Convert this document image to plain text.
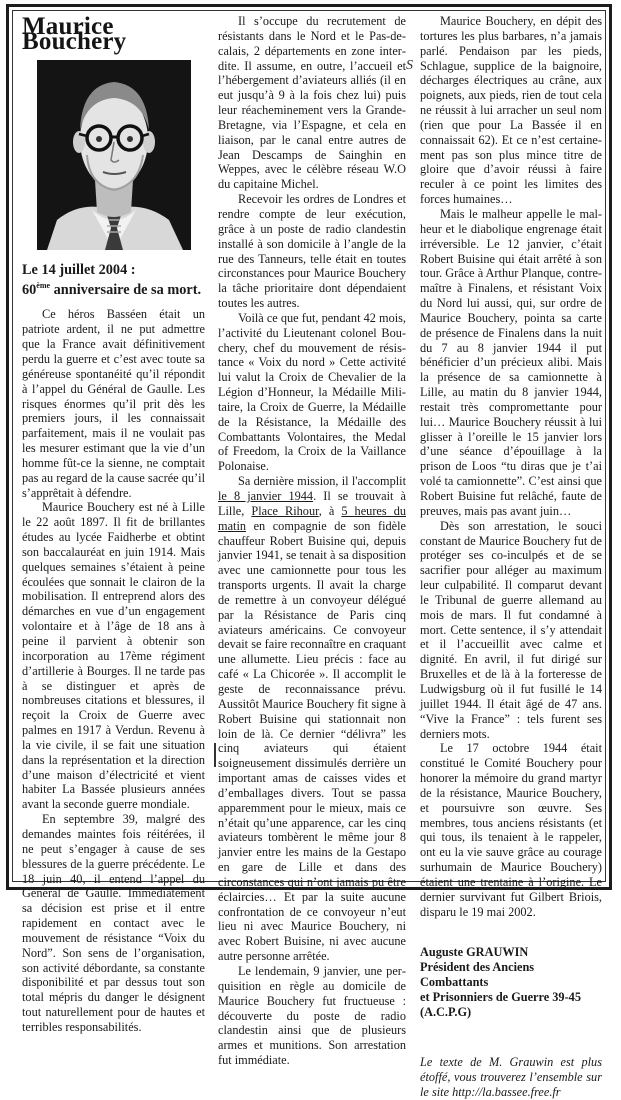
Maurice Bouchery
Le 14 juillet 2004 :
60ème anniversaire de sa mort.

Ce héros Basséen était un patriote ardent, il ne put admettre que la France avait définitivement perdu la guerre et c’est avec toute sa généreuse spontanéité qu’il répondit à l’appel du Général de Gaulle. Les risques énormes qu’il prit dès les premiers jours, il les connaissait parfaitement, mais il ne voulait pas les mesurer estimant que la vie d’un homme fût-ce la sienne, ne comptait pas au regard de la cause sacrée qu’il s’apprêtait à défendre.

Maurice Bouchery est né à Lille le 22 août 1897. Il fit de brillantes études au lycée Faidherbe et obtint son baccalauréat en juin 1914. Mais quelques semaines s’étaient à peine écoulées que sonnait le clairon de la mobilisation. Il entreprend alors des démarches en vue d’un engagement volontaire et à l’âge de 18 ans à peine il parvient à obtenir son incorporation au 17ème régiment d’artillerie à Bourges. Il ne tarde pas à se distinguer et après de nombreuses citations et blessures, il reçoit la Croix de Guerre avec palmes en 1917 à Verdun. Revenu à la vie civile, il se fait une situation dans la représentation et la direction d’une maison d’électricité et vient habiter La Bassée plusieurs années avant la seconde guerre mondiale.

En septembre 39, malgré des demandes maintes fois réitérées, il ne peut s’engager à cause de ses blessures de la guerre précédente. Le 18 juin 40, il entend l’appel du Général de Gaulle. Immédiatement sa décision est prise et il entre rapidement en contact avec le mouvement de résistance “Voix du Nord”. Son sens de l’organisation, son activité débordante, sa constante disponibilité et par dessus tout son total mépris du danger le désignent tout naturellement pour de hautes et terribles responsabilités.

Il s’occupe du recrutement de résistants dans le Nord et le Pas-decalais, 2 départements en zone interdite. Il assume, en outre, l’accueil et l’hébergement d’aviateurs alliés (il en eut jusqu’à 9 à la fois chez lui) puis leur réacheminement vers la Grande-Bretagne, via l’Espagne, et cela en liaison, par le canal entre autres de Jean Descamps de Sainghin en Weppes, avec le célèbre réseau W.O du capitaine Michel.

Recevoir les ordres de Londres et rendre compte de leur exécution, grâce à un poste de radio clandestin installé à son domicile à l’angle de la rue des Tanneurs, telle était en toutes circonstances pour Maurice Bouchery la tâche prioritaire dont dépendaient toutes les autres.

Voilà ce que fut, pendant 42 mois, l’activité du Lieutenant colonel Bouchery, chef du mouvement de résistance « Voix du nord » Cette activité lui valut la Croix de Chevalier de la Légion d’Honneur, la Médaille Militaire, la Croix de Guerre, la Médaille de la Résistance, la Médaille des Combattants Volontaires, the Medal of Freedom, la Croix de la Vaillance Polonaise.

Sa dernière mission, il l'accomplit le 8 janvier 1944. Il se trouvait à Lille, Place Rihour, à 5 heures du matin en compagnie de son fidèle chauffeur Robert Buisine qui, depuis janvier 1941, se tenait à sa disposition avec une camionnette pour tous les transports urgents. Il avait la charge de remettre à un convoyeur délégué par la Résistance de Paris cinq aviateurs américains. Ce convoyeur devait se faire reconnaître en craquant une allumette. Lieu précis : face au café « La Chicorée ». Il accomplit le geste de reconnaissance prévu. Aussitôt Maurice Bouchery fit signe à Robert Buisine qui stationnait non loin de là. Ce dernier “délivra” les cinq aviateurs qui étaient soigneusement dissimulés derrière un important amas de caisses vides et d’emballages divers. Tout se passa apparemment pour le mieux, mais ce n’était qu’une apparence, car les cinq aviateurs tombèrent le même jour 8 janvier entre les mains de la Gestapo en gare de Lille et dans des circonstances qui n’ont jamais pu être éclaircies… Et par la suite aucune confrontation de ce convoyeur n’eut lieu ni avec Maurice Bouchery, ni avec Robert Buisine, ni avec aucune autre personne arrêtée.

Le lendemain, 9 janvier, une perquisition en règle au domicile de Maurice Bouchery fut fructueuse : découverte du poste de radio clandestin ainsi que de plusieurs armes et munitions. Son arrestation fut immédiate.

Maurice Bouchery, en dépit des tortures les plus barbares, n’a jamais parlé. Pendaison par les pieds, Schlague, supplice de la baignoire, décharges électriques au crâne, aux poignets, aux pieds, rien de tout cela ne réussit à lui arracher un seul nom (rien que pour La Bassée il en connaissait 62). Et ce n’est certainement pas son plus mince titre de gloire que d’avoir réussi à faire reculer à ce point les limites des forces humaines…

Mais le malheur appelle le malheur et le diabolique engrenage était irréversible. Le 12 janvier, c’était Robert Buisine qui était arrêté à son tour. Grâce à Arthur Planque, contremaître à Finalens, et résistant Voix du Nord lui aussi, qui, sur ordre de Maurice Bouchery, pointa sa carte de présence de Finalens dans la nuit du 7 au 8 janvier 1944 il put bénéficier d’un précieux alibi. Mais la présence de sa camionnette à Lille, au matin du 8 janvier 1944, restait très compromettante pour lui… Maurice Bouchery réussit à lui glisser à l’oreille le 15 janvier lors d’une séance d’épouillage à la prison de Loos “tu diras que je t’ai volé ta camionnette”. C’est ainsi que Robert Buisine fut relâché, faute de preuves, mais pas avant juin…

Dès son arrestation, le souci constant de Maurice Bouchery fut de protéger ses co-inculpés et de se sacrifier pour alléger au maximum leur culpabilité. Il comparut devant le Tribunal de guerre allemand au mois de mars. Il fut condamné à mort. Cette sentence, il s’y attendait et il l’accueillit avec calme et dignité. En avril, il fut dirigé sur Bruxelles et de là à la forteresse de Ludwigsburg où il fut fusillé le 14 juillet 1944. Il était âgé de 47 ans. “Vive la France” : tels furent ses derniers mots.

Le 17 octobre 1944 était constitué le Comité Bouchery pour honorer la mémoire du grand martyr de la résistance, Maurice Bouchery, et poursuivre son œuvre. Ses membres, tous anciens résistants (et qui tous, ils tenaient à le rappeler, ont eu la vie sauve grâce au courage surhumain de Maurice Bouchery) étaient une trentaine à l’origine. Le dernier survivant fut Gilbert Briois, disparu le 19 mai 2002.

Auguste GRAUWIN
Président des Anciens Combattants
et Prisonniers de Guerre 39-45 (A.C.P.G)
Le texte de M. Grauwin est plus étoffé, vous trouverez l’ensemble sur le site http://la.bassee.free.fr
S
